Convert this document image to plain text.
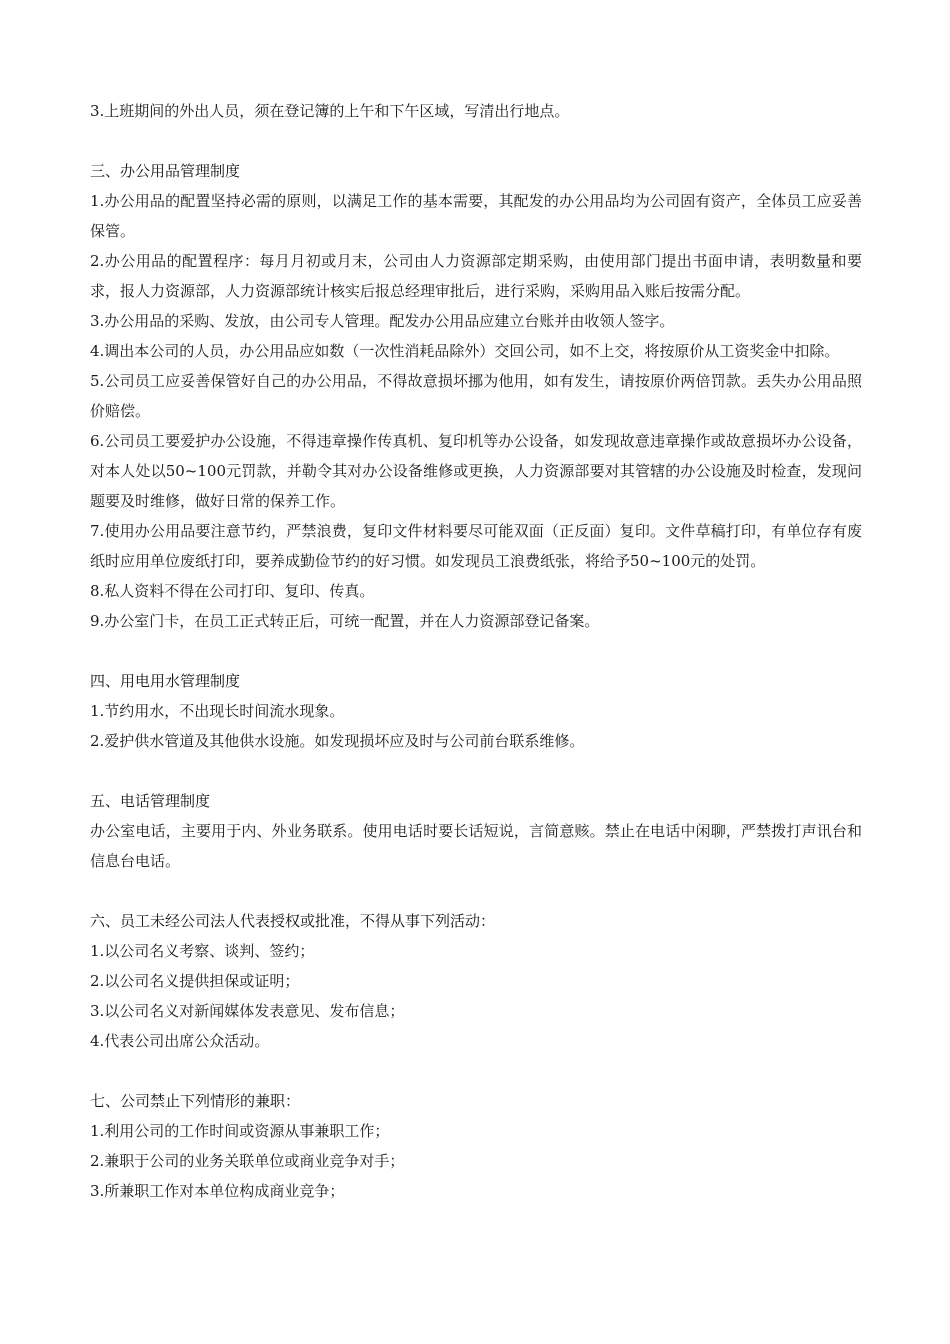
3.上班期间的外出人员，须在登记簿的上午和下午区域，写清出行地点。

三、办公用品管理制度

1.办公用品的配置坚持必需的原则，以满足工作的基本需要，其配发的办公用品均为公司固有资产，全体员工应妥善保管。

2.办公用品的配置程序：每月月初或月末，公司由人力资源部定期采购，由使用部门提出书面申请，表明数量和要求，报人力资源部，人力资源部统计核实后报总经理审批后，进行采购，采购用品入账后按需分配。

3.办公用品的采购、发放，由公司专人管理。配发办公用品应建立台账并由收领人签字。

4.调出本公司的人员，办公用品应如数（一次性消耗品除外）交回公司，如不上交，将按原价从工资奖金中扣除。

5.公司员工应妥善保管好自己的办公用品，不得故意损坏挪为他用，如有发生，请按原价两倍罚款。丢失办公用品照价赔偿。

6.公司员工要爱护办公设施，不得违章操作传真机、复印机等办公设备，如发现故意违章操作或故意损坏办公设备，对本人处以50~100元罚款，并勒令其对办公设备维修或更换，人力资源部要对其管辖的办公设施及时检查，发现问题要及时维修，做好日常的保养工作。

7.使用办公用品要注意节约，严禁浪费，复印文件材料要尽可能双面（正反面）复印。文件草稿打印，有单位存有废纸时应用单位废纸打印，要养成勤俭节约的好习惯。如发现员工浪费纸张，将给予50~100元的处罚。

8.私人资料不得在公司打印、复印、传真。

9.办公室门卡，在员工正式转正后，可统一配置，并在人力资源部登记备案。

四、用电用水管理制度

1.节约用水，不出现长时间流水现象。

2.爱护供水管道及其他供水设施。如发现损坏应及时与公司前台联系维修。

五、电话管理制度

办公室电话，主要用于内、外业务联系。使用电话时要长话短说，言简意赅。禁止在电话中闲聊，严禁拨打声讯台和信息台电话。

六、员工未经公司法人代表授权或批准，不得从事下列活动：

1.以公司名义考察、谈判、签约；

2.以公司名义提供担保或证明；

3.以公司名义对新闻媒体发表意见、发布信息；

4.代表公司出席公众活动。

七、公司禁止下列情形的兼职：

1.利用公司的工作时间或资源从事兼职工作；

2.兼职于公司的业务关联单位或商业竞争对手；

3.所兼职工作对本单位构成商业竞争；
